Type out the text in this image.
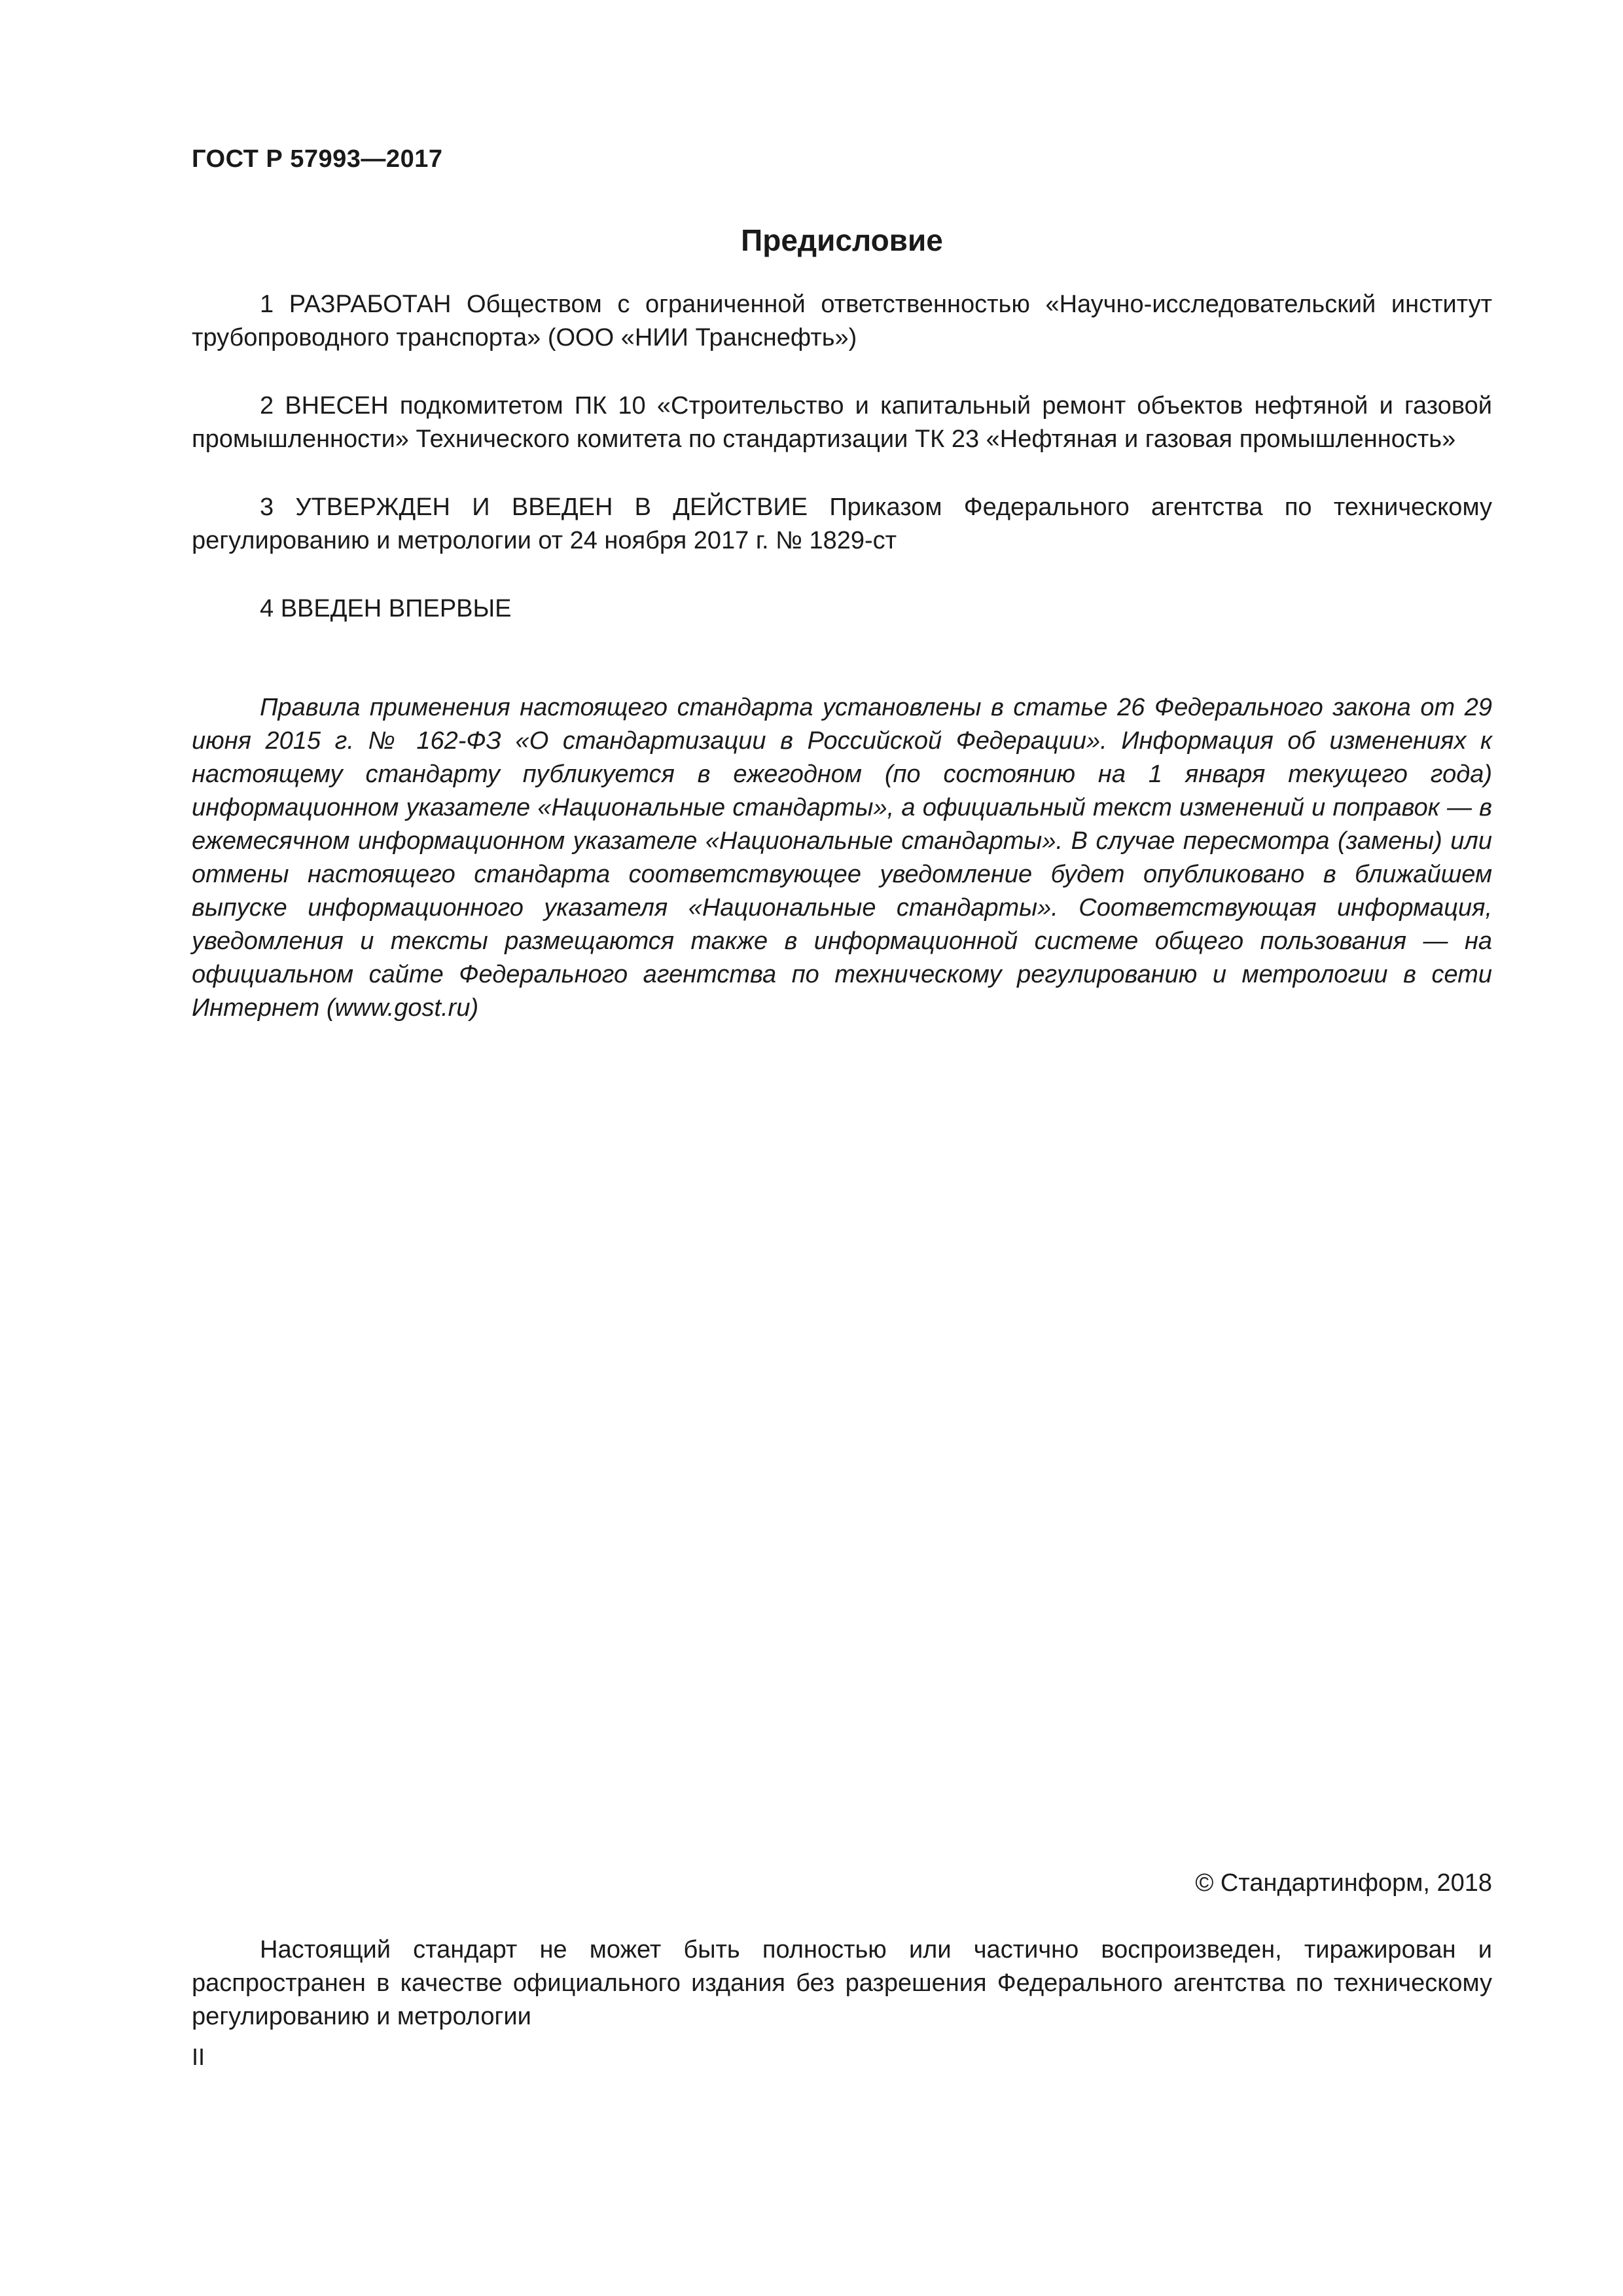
ГОСТ Р 57993—2017
Предисловие

1 РАЗРАБОТАН Обществом с ограниченной ответственностью «Научно-исследовательский институт трубопроводного транспорта» (ООО «НИИ Транснефть»)

2 ВНЕСЕН подкомитетом ПК 10 «Строительство и капитальный ремонт объектов нефтяной и газовой промышленности» Технического комитета по стандартизации ТК 23 «Нефтяная и газовая промышленность»

3 УТВЕРЖДЕН И ВВЕДЕН В ДЕЙСТВИЕ Приказом Федерального агентства по техническому регулированию и метрологии от 24 ноября 2017 г. № 1829-ст

4 ВВЕДЕН ВПЕРВЫЕ

Правила применения настоящего стандарта установлены в статье 26 Федерального закона от 29 июня 2015 г. № 162-ФЗ «О стандартизации в Российской Федерации». Информация об изменениях к настоящему стандарту публикуется в ежегодном (по состоянию на 1 января текущего года) информационном указателе «Национальные стандарты», а официальный текст изменений и поправок — в ежемесячном информационном указателе «Национальные стандарты». В случае пересмотра (замены) или отмены настоящего стандарта соответствующее уведомление будет опубликовано в ближайшем выпуске информационного указателя «Национальные стандарты». Соответствующая информация, уведомления и тексты размещаются также в информационной системе общего пользования — на официальном сайте Федерального агентства по техническому регулированию и метрологии в сети Интернет (www.gost.ru)

© Стандартинформ, 2018

Настоящий стандарт не может быть полностью или частично воспроизведен, тиражирован и распространен в качестве официального издания без разрешения Федерального агентства по техническому регулированию и метрологии

II
